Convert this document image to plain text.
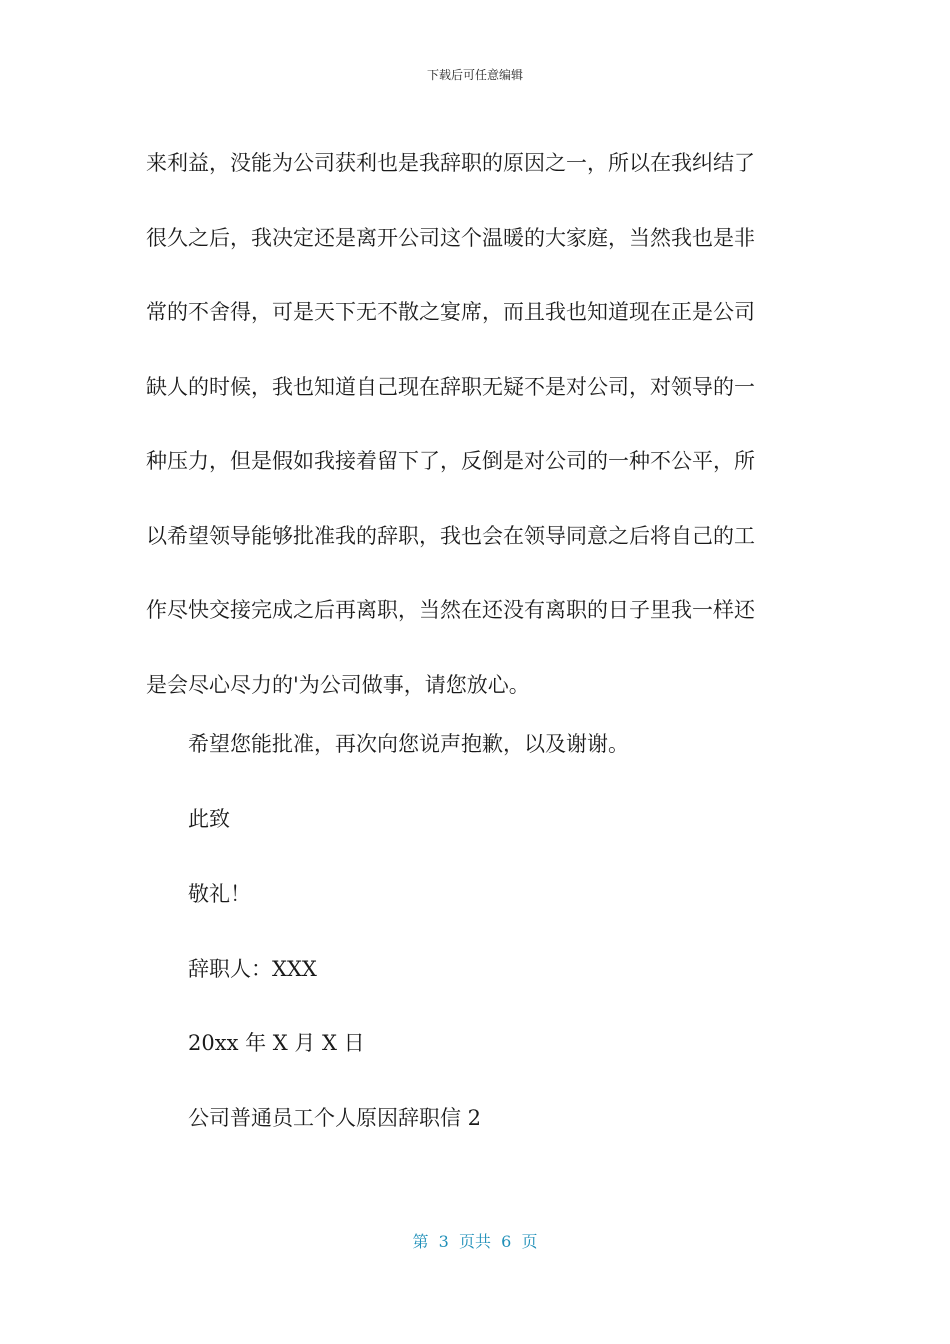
下载后可任意编辑
来利益，没能为公司获利也是我辞职的原因之一，所以在我纠结了
很久之后，我决定还是离开公司这个温暖的大家庭，当然我也是非
常的不舍得，可是天下无不散之宴席，而且我也知道现在正是公司
缺人的时候，我也知道自己现在辞职无疑不是对公司，对领导的一
种压力，但是假如我接着留下了，反倒是对公司的一种不公平，所
以希望领导能够批准我的辞职，我也会在领导同意之后将自己的工
作尽快交接完成之后再离职，当然在还没有离职的日子里我一样还
是会尽心尽力的'为公司做事，请您放心。
希望您能批准，再次向您说声抱歉，以及谢谢。
此致
敬礼！
辞职人：XXX
20xx 年 X 月 X 日
公司普通员工个人原因辞职信 2
第  3  页共  6  页
